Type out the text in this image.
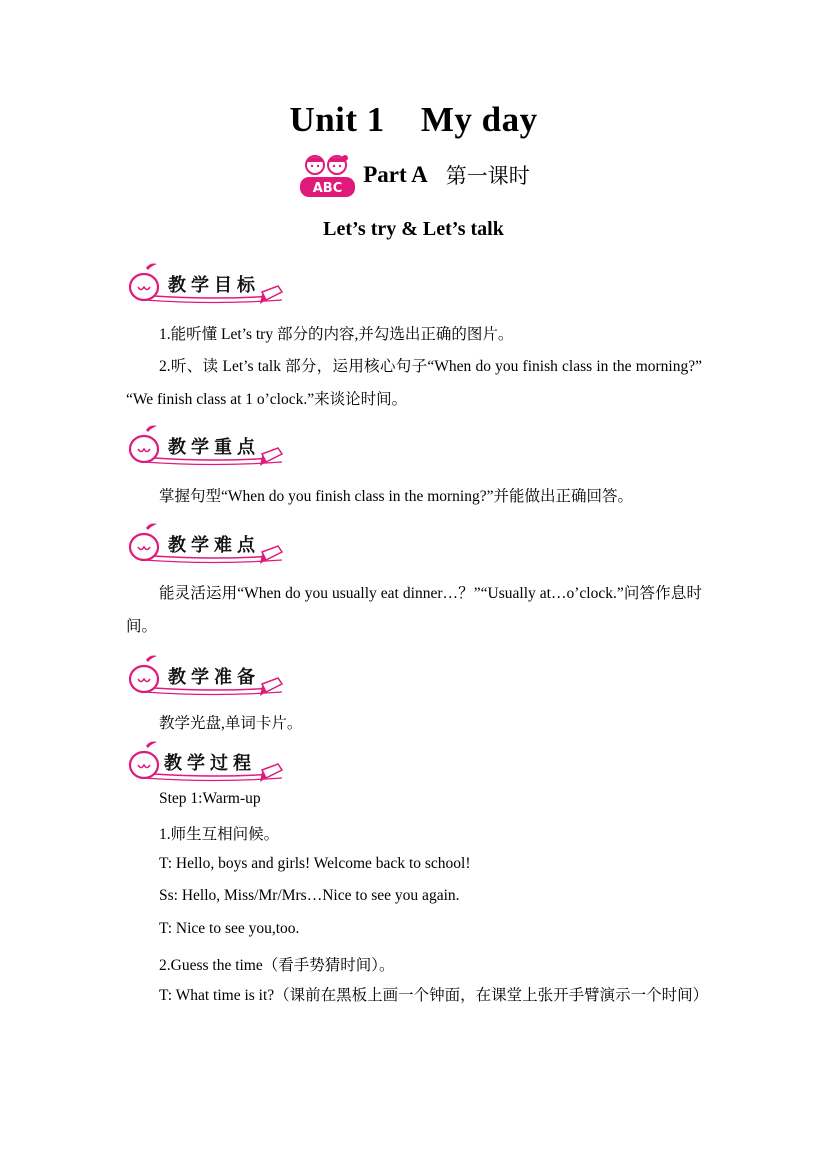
Unit 1 My day
ABC
Part A 第一课时
Let’s try & Let’s talk
教学目标
1.能听懂 Let’s try 部分的内容,并勾选出正确的图片。
2.听、读 Let’s talk 部分，运用核心句子“When do you finish class in the morning?” “We finish class at 1 o’clock.”来谈论时间。
教学重点
掌握句型“When do you finish class in the morning?”并能做出正确回答。
教学难点
能灵活运用“When do you usually eat dinner…？”“Usually at…o’clock.”问答作息时间。
教学准备
教学光盘,单词卡片。
教学过程
Step 1:Warm-up
1.师生互相问候。
T: Hello, boys and girls! Welcome back to school!
Ss: Hello, Miss/Mr/Mrs…Nice to see you again.
T: Nice to see you,too.
2.Guess the time（看手势猜时间）。
T: What time is it?（课前在黑板上画一个钟面，在课堂上张开手臂演示一个时间）
